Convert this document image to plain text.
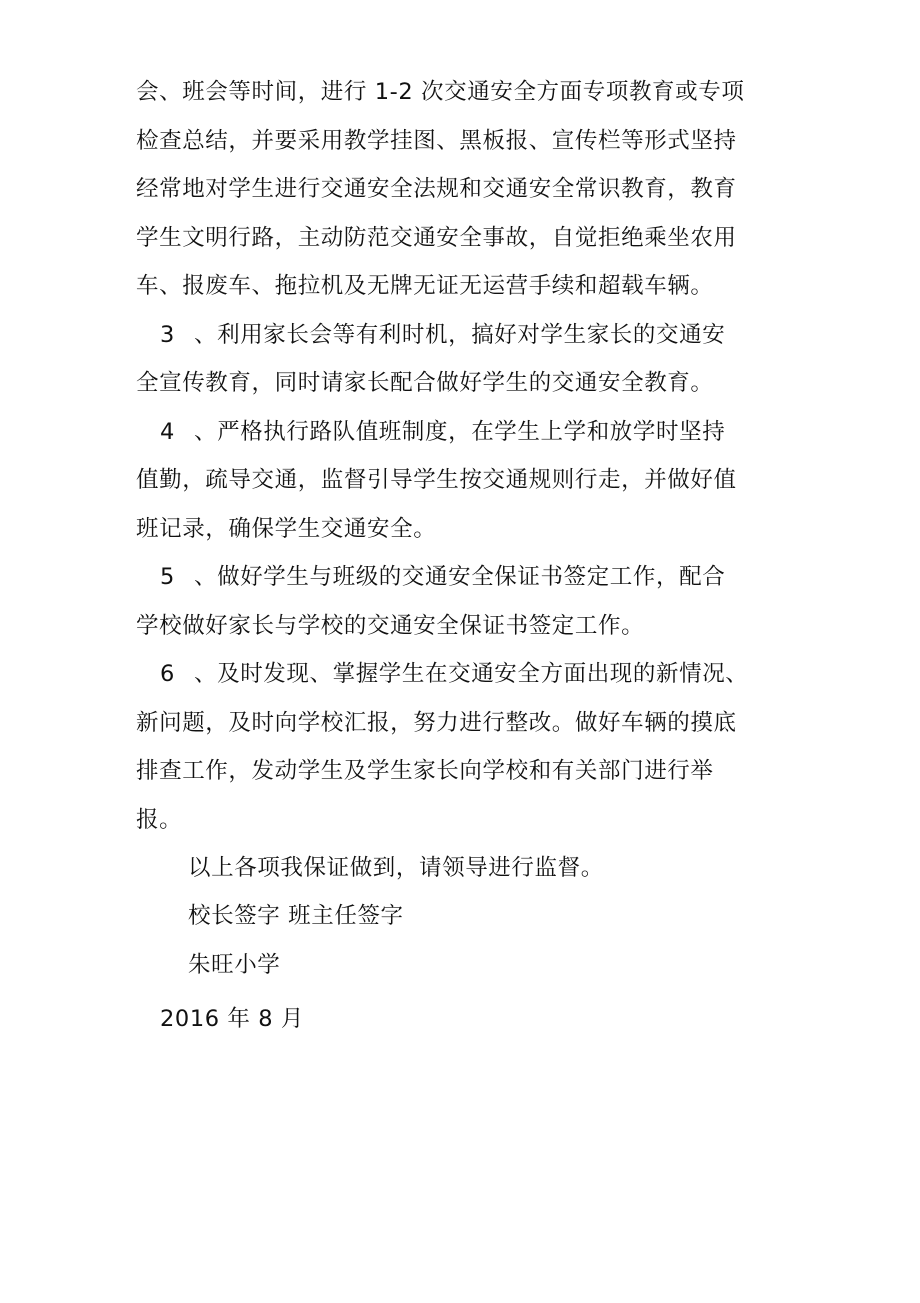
会、班会等时间，进行 1-2 次交通安全方面专项教育或专项
检查总结，并要采用教学挂图、黑板报、宣传栏等形式坚持
经常地对学生进行交通安全法规和交通安全常识教育，教育
学生文明行路，主动防范交通安全事故，自觉拒绝乘坐农用
车、报废车、拖拉机及无牌无证无运营手续和超载车辆。
3 、利用家长会等有利时机，搞好对学生家长的交通安
全宣传教育，同时请家长配合做好学生的交通安全教育。
4 、严格执行路队值班制度，在学生上学和放学时坚持
值勤，疏导交通，监督引导学生按交通规则行走，并做好值
班记录，确保学生交通安全。
5 、做好学生与班级的交通安全保证书签定工作，配合
学校做好家长与学校的交通安全保证书签定工作。
6 、及时发现、掌握学生在交通安全方面出现的新情况、
新问题，及时向学校汇报，努力进行整改。做好车辆的摸底
排查工作，发动学生及学生家长向学校和有关部门进行举
报。
以上各项我保证做到，请领导进行监督。
校长签字 班主任签字
朱旺小学
2016 年 8 月
